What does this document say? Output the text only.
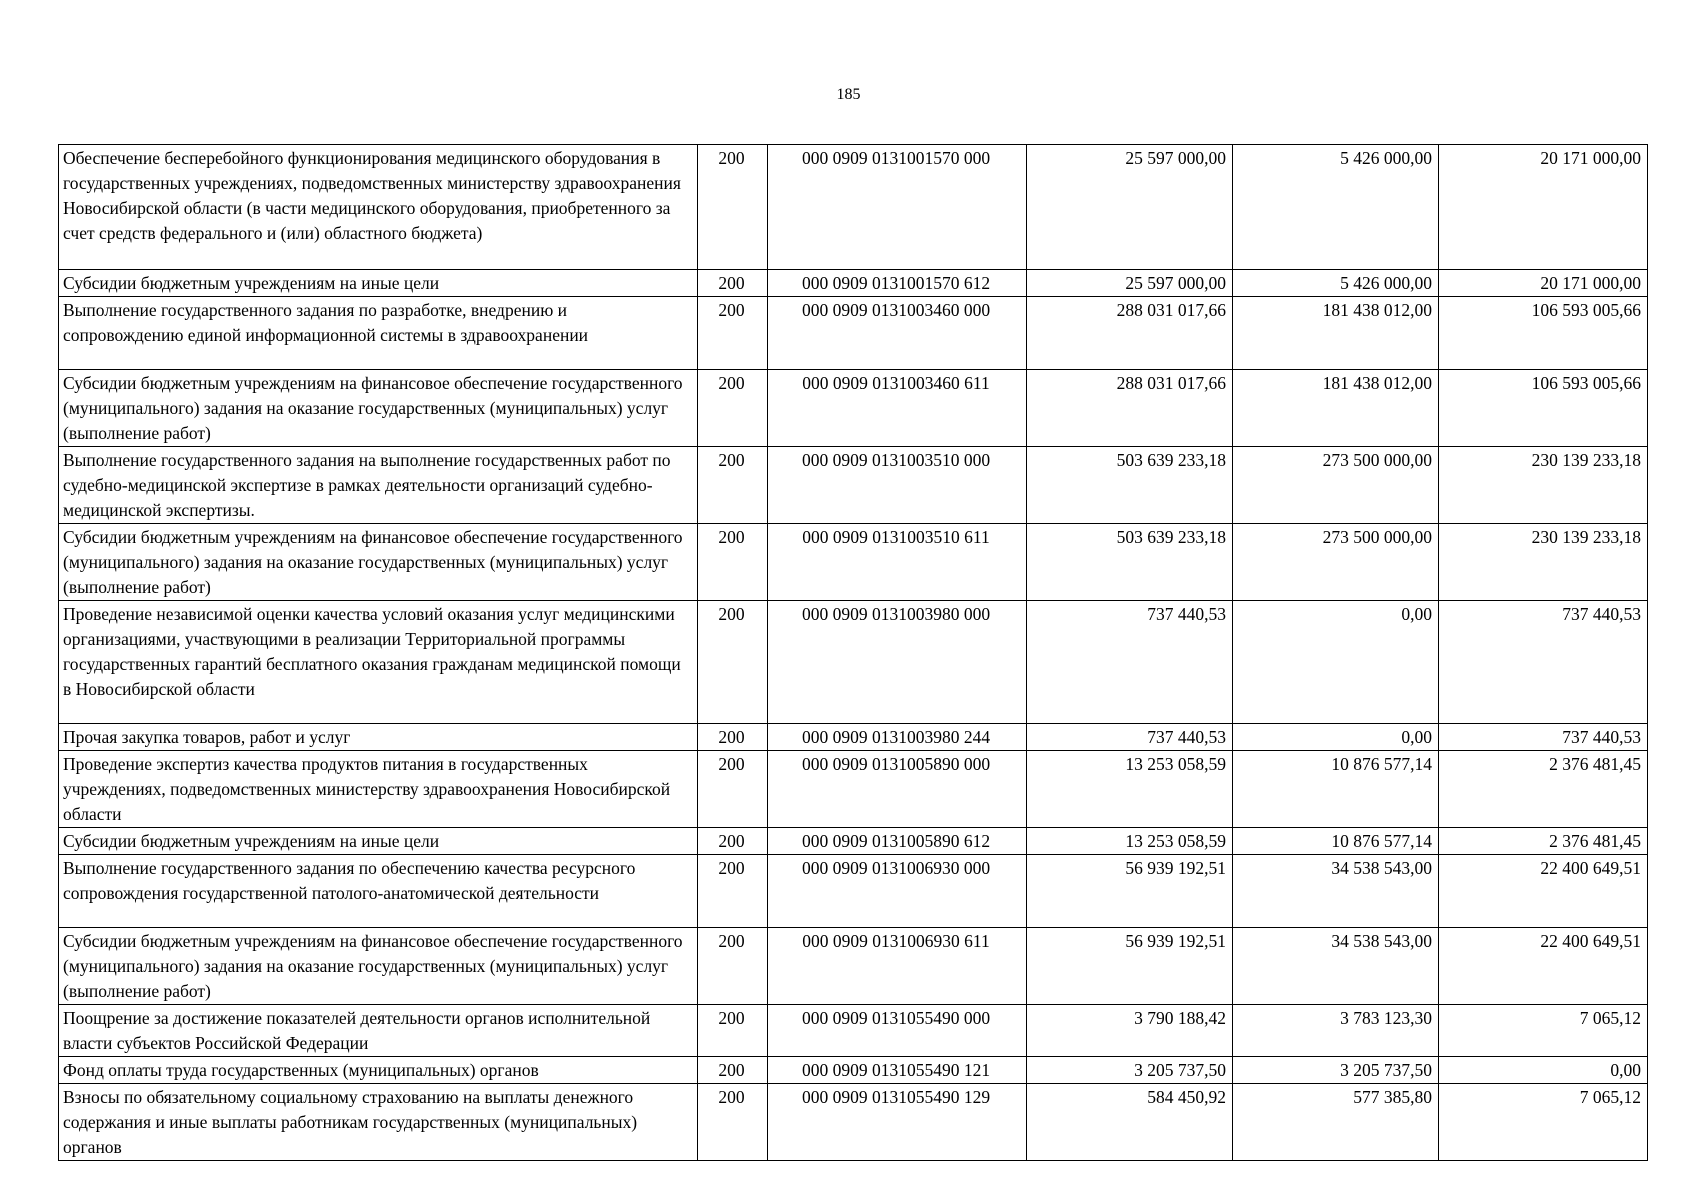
185
Обеспечение бесперебойного функционирования медицинского оборудования в государственных учреждениях, подведомственных министерству здравоохранения Новосибирской области (в части медицинского оборудования, приобретенного за счет средств федерального и (или) областного бюджета)	200	000 0909 0131001570 000	25 597 000,00	5 426 000,00	20 171 000,00
Субсидии бюджетным учреждениям на иные цели	200	000 0909 0131001570 612	25 597 000,00	5 426 000,00	20 171 000,00
Выполнение государственного задания по разработке, внедрению и сопровождению единой информационной системы в здравоохранении	200	000 0909 0131003460 000	288 031 017,66	181 438 012,00	106 593 005,66
Субсидии бюджетным учреждениям на финансовое обеспечение государственного (муниципального) задания на оказание государственных (муниципальных) услуг (выполнение работ)	200	000 0909 0131003460 611	288 031 017,66	181 438 012,00	106 593 005,66
Выполнение государственного задания на выполнение государственных работ по судебно-медицинской экспертизе в рамках деятельности организаций судебно-медицинской экспертизы.	200	000 0909 0131003510 000	503 639 233,18	273 500 000,00	230 139 233,18
Субсидии бюджетным учреждениям на финансовое обеспечение государственного (муниципального) задания на оказание государственных (муниципальных) услуг (выполнение работ)	200	000 0909 0131003510 611	503 639 233,18	273 500 000,00	230 139 233,18
Проведение независимой оценки качества условий оказания услуг медицинскими организациями, участвующими в реализации Территориальной программы государственных гарантий бесплатного оказания гражданам медицинской помощи в Новосибирской области	200	000 0909 0131003980 000	737 440,53	0,00	737 440,53
Прочая закупка товаров, работ и услуг	200	000 0909 0131003980 244	737 440,53	0,00	737 440,53
Проведение экспертиз качества продуктов питания в государственных учреждениях, подведомственных министерству здравоохранения Новосибирской области	200	000 0909 0131005890 000	13 253 058,59	10 876 577,14	2 376 481,45
Субсидии бюджетным учреждениям на иные цели	200	000 0909 0131005890 612	13 253 058,59	10 876 577,14	2 376 481,45
Выполнение государственного задания по обеспечению качества ресурсного сопровождения государственной патолого-анатомической деятельности	200	000 0909 0131006930 000	56 939 192,51	34 538 543,00	22 400 649,51
Субсидии бюджетным учреждениям на финансовое обеспечение государственного (муниципального) задания на оказание государственных (муниципальных) услуг (выполнение работ)	200	000 0909 0131006930 611	56 939 192,51	34 538 543,00	22 400 649,51
Поощрение за достижение показателей деятельности органов исполнительной власти субъектов Российской Федерации	200	000 0909 0131055490 000	3 790 188,42	3 783 123,30	7 065,12
Фонд оплаты труда государственных (муниципальных) органов	200	000 0909 0131055490 121	3 205 737,50	3 205 737,50	0,00
Взносы по обязательному социальному страхованию на выплаты денежного содержания и иные выплаты работникам государственных (муниципальных) органов	200	000 0909 0131055490 129	584 450,92	577 385,80	7 065,12
